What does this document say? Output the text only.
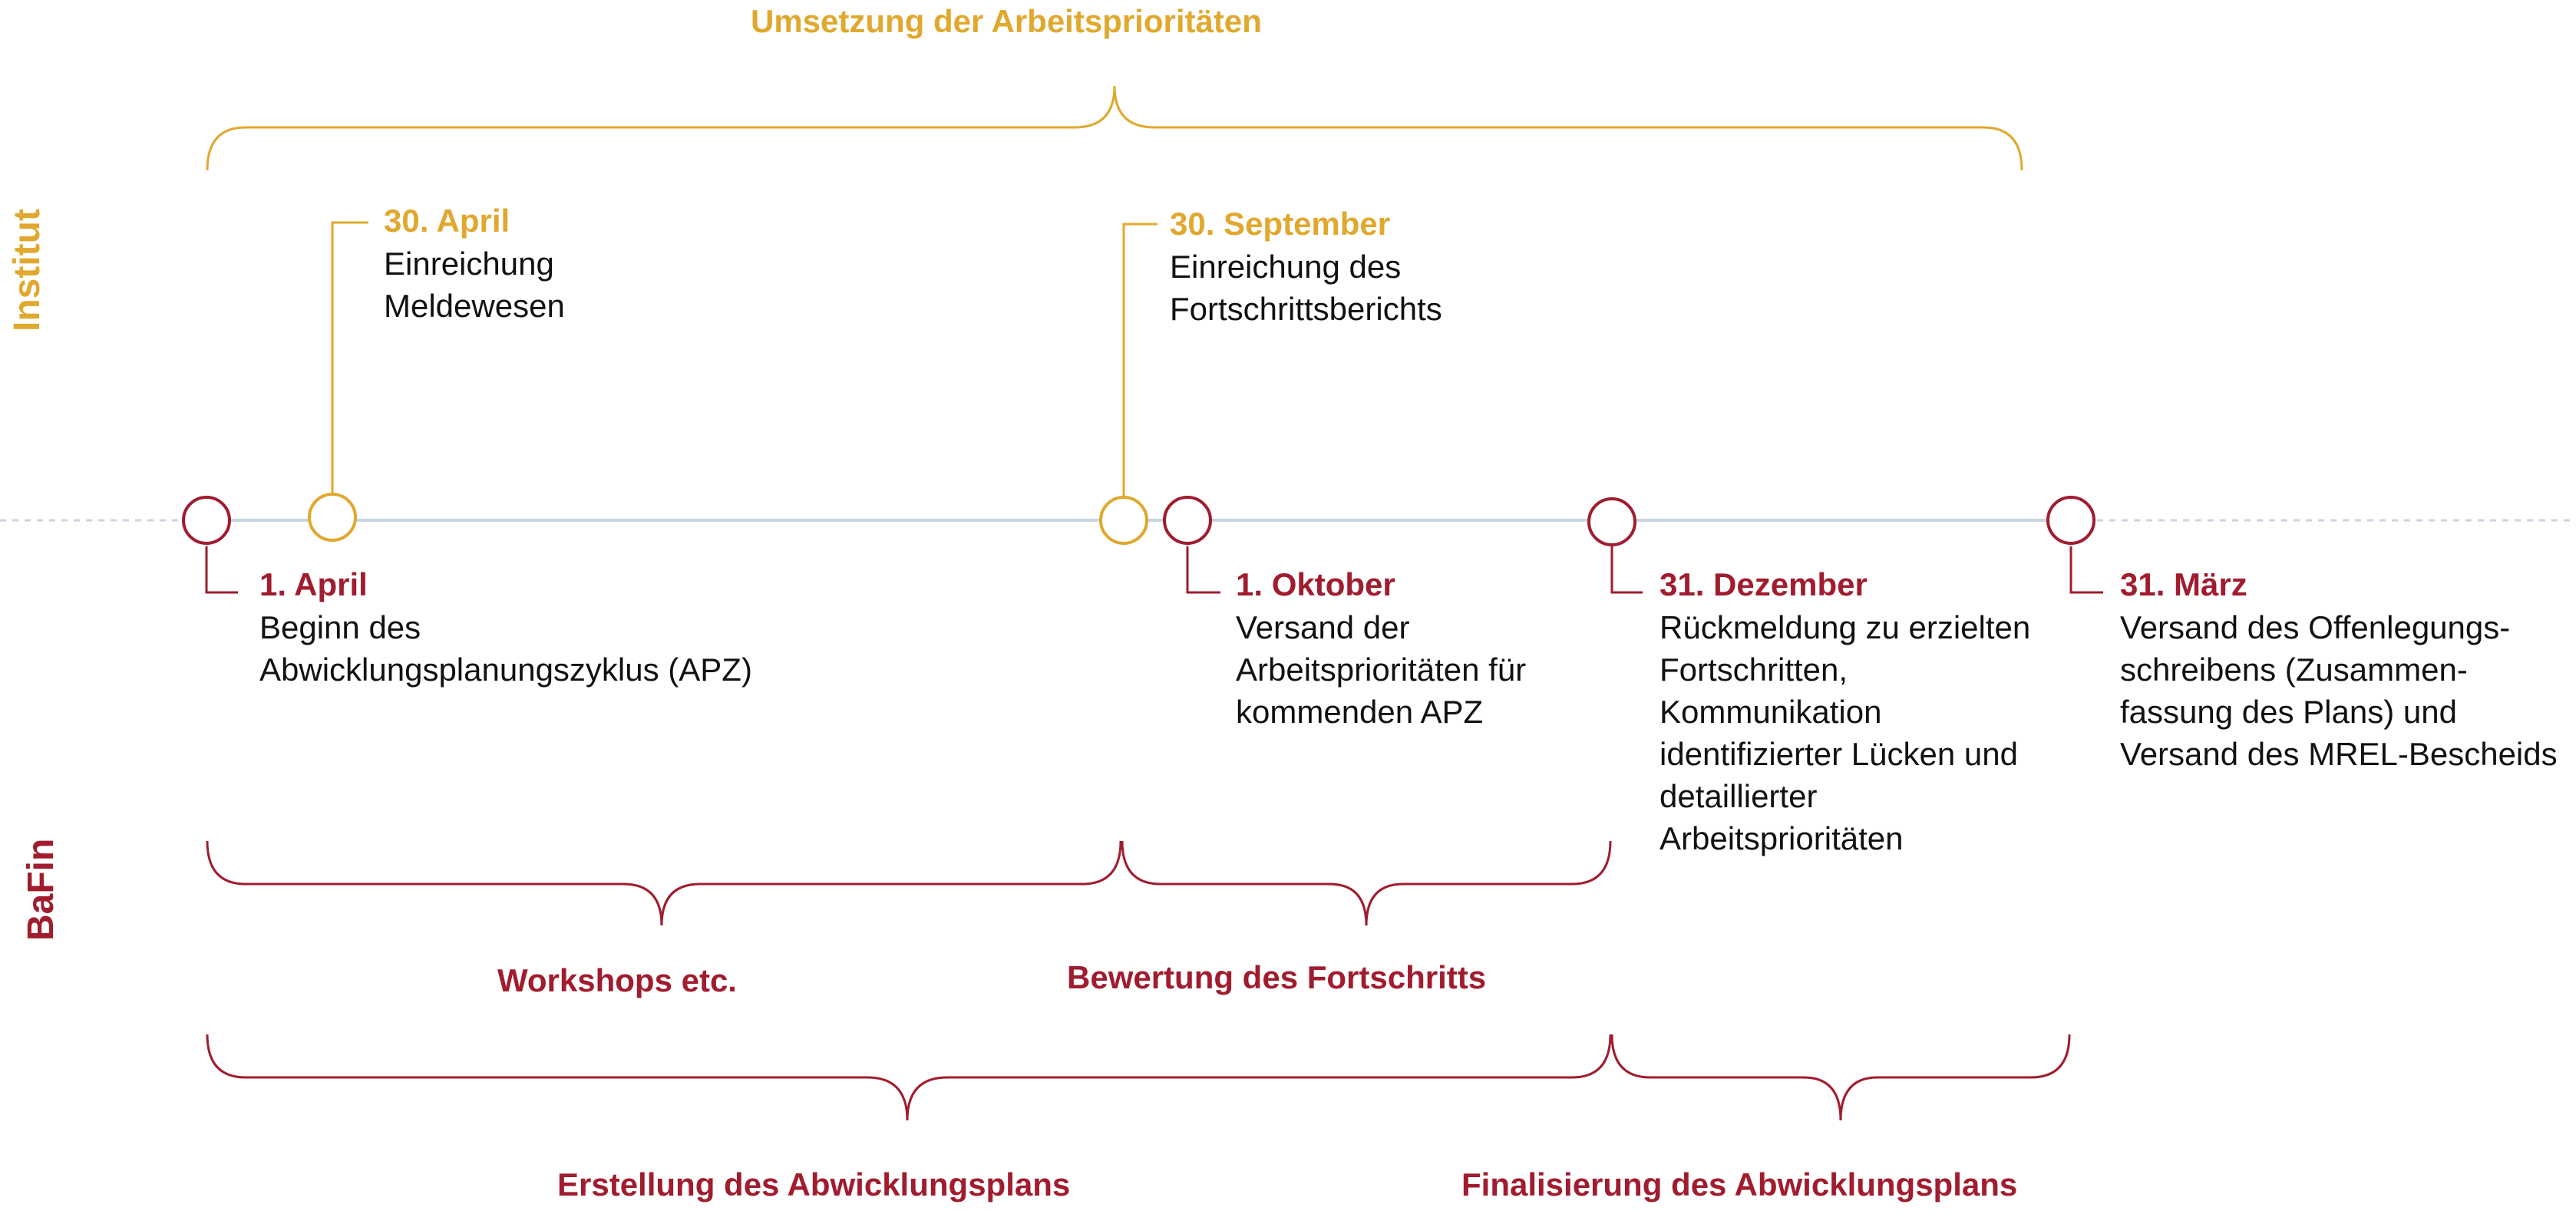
Institut
BaFin
Umsetzung der Arbeitsprioritäten
Workshops etc.	Bewertung des Fortschritts
Erstellung des Abwicklungsplans	Finalisierung des Abwicklungsplans
30. April
Einreichung
Meldewesen
30. September
Einreichung des
Fortschrittsberichts
1. April
Beginn des
Abwicklungsplanungszyklus (APZ)
1. Oktober
Versand der
Arbeitsprioritäten für
kommenden APZ
31. Dezember
Rückmeldung zu erzielten
Fortschritten,
Kommunikation
identifizierter Lücken und
detaillierter
Arbeitsprioritäten
31. März
Versand des Offenlegungs-
schreibens (Zusammen-
fassung des Plans) und
Versand des MREL-Bescheids
